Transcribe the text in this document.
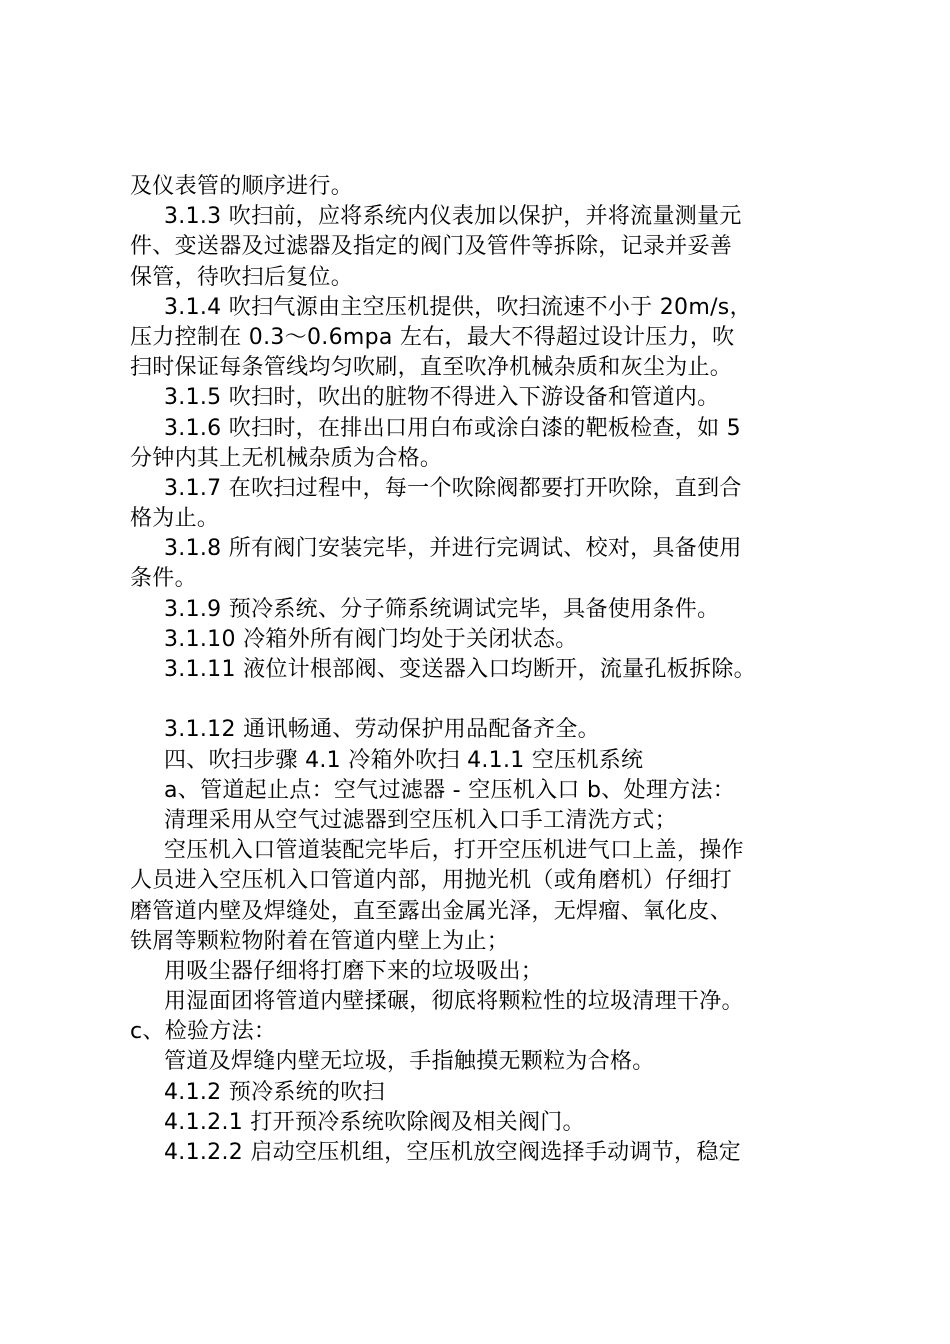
及仪表管的顺序进行。
3.1.3 吹扫前，应将系统内仪表加以保护，并将流量测量元
件、变送器及过滤器及指定的阀门及管件等拆除，记录并妥善
保管，待吹扫后复位。
3.1.4 吹扫气源由主空压机提供，吹扫流速不小于 20m/s，
压力控制在 0.3～0.6mpa 左右，最大不得超过设计压力，吹
扫时保证每条管线均匀吹刷，直至吹净机械杂质和灰尘为止。
3.1.5 吹扫时，吹出的脏物不得进入下游设备和管道内。
3.1.6 吹扫时，在排出口用白布或涂白漆的靶板检查，如 5
分钟内其上无机械杂质为合格。
3.1.7 在吹扫过程中，每一个吹除阀都要打开吹除，直到合
格为止。
3.1.8 所有阀门安装完毕，并进行完调试、校对，具备使用
条件。
3.1.9 预冷系统、分子筛系统调试完毕，具备使用条件。
3.1.10 冷箱外所有阀门均处于关闭状态。
3.1.11 液位计根部阀、变送器入口均断开，流量孔板拆除。
3.1.12 通讯畅通、劳动保护用品配备齐全。
四、吹扫步骤 4.1 冷箱外吹扫 4.1.1 空压机系统
a、管道起止点：空气过滤器 - 空压机入口 b、处理方法：
清理采用从空气过滤器到空压机入口手工清洗方式；
空压机入口管道装配完毕后，打开空压机进气口上盖，操作
人员进入空压机入口管道内部，用抛光机（或角磨机）仔细打
磨管道内壁及焊缝处，直至露出金属光泽，无焊瘤、氧化皮、
铁屑等颗粒物附着在管道内壁上为止；
用吸尘器仔细将打磨下来的垃圾吸出；
用湿面团将管道内壁揉碾，彻底将颗粒性的垃圾清理干净。
c、检验方法：
管道及焊缝内壁无垃圾，手指触摸无颗粒为合格。
4.1.2 预冷系统的吹扫
4.1.2.1 打开预冷系统吹除阀及相关阀门。
4.1.2.2 启动空压机组，空压机放空阀选择手动调节，稳定
